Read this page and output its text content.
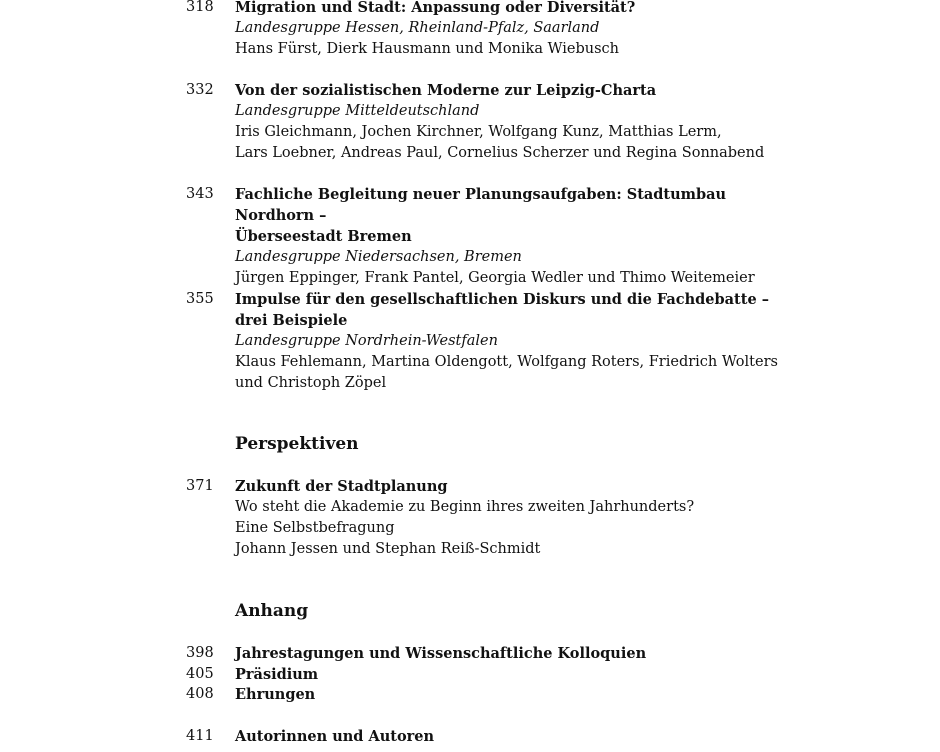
318	Migration und Stadt: Anpassung oder Diversität?
Landesgruppe Hessen, Rheinland-Pfalz, Saarland
Hans Fürst, Dierk Hausmann und Monika Wiebusch
332	Von der sozialistischen Moderne zur Leipzig-Charta
Landesgruppe Mitteldeutschland
Iris Gleichmann, Jochen Kirchner, Wolfgang Kunz, Matthias Lerm,
Lars Loebner, Andreas Paul, Cornelius Scherzer und Regina Sonnabend
343	Fachliche Begleitung neuer Planungsaufgaben: Stadtumbau Nordhorn –
Überseestadt Bremen
Landesgruppe Niedersachsen, Bremen
Jürgen Eppinger, Frank Pantel, Georgia Wedler und Thimo Weitemeier
355	Impulse für den gesellschaftlichen Diskurs und die Fachdebatte –
drei Beispiele
Landesgruppe Nordrhein-Westfalen
Klaus Fehlemann, Martina Oldengott, Wolfgang Roters, Friedrich Wolters
und Christoph Zöpel
Perspektiven
371	Zukunft der Stadtplanung
Wo steht die Akademie zu Beginn ihres zweiten Jahrhunderts?
Eine Selbstbefragung
Johann Jessen und Stephan Reiß-Schmidt
Anhang
398	Jahrestagungen und Wissenschaftliche Kolloquien
405	Präsidium
408	Ehrungen
411	Autorinnen und Autoren
